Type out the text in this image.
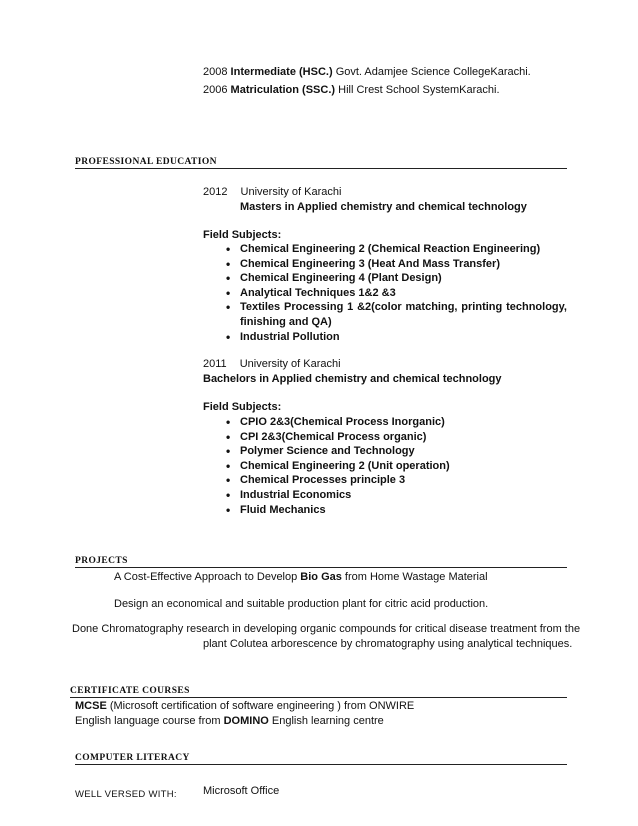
2008 Intermediate (HSC.) Govt. Adamjee Science CollegeKarachi.
2006 Matriculation (SSC.) Hill Crest School SystemKarachi.
PROFESSIONAL EDUCATION
2012 University of Karachi
Masters in Applied chemistry and chemical technology
Field Subjects:
• Chemical Engineering 2 (Chemical Reaction Engineering)
• Chemical Engineering 3 (Heat And Mass Transfer)
• Chemical Engineering 4 (Plant Design)
• Analytical Techniques 1&2 &3
• Textiles Processing 1 &2(color matching, printing technology, finishing and QA)
• Industrial Pollution
2011 University of Karachi
Bachelors in Applied chemistry and chemical technology
Field Subjects:
• CPIO 2&3(Chemical Process Inorganic)
• CPI 2&3(Chemical Process organic)
• Polymer Science and Technology
• Chemical Engineering 2 (Unit operation)
• Chemical Processes principle 3
• Industrial Economics
• Fluid Mechanics
PROJECTS
A Cost-Effective Approach to Develop Bio Gas from Home Wastage Material
Design an economical and suitable production plant for citric acid production.
Done Chromatography research in developing organic compounds for critical disease treatment from the
plant Colutea arborescence by chromatography using analytical techniques.
CERTIFICATE COURSES
MCSE (Microsoft certification of software engineering ) from ONWIRE
English language course from DOMINO English learning centre
COMPUTER LITERACY
WELL VERSED WITH: Microsoft Office
